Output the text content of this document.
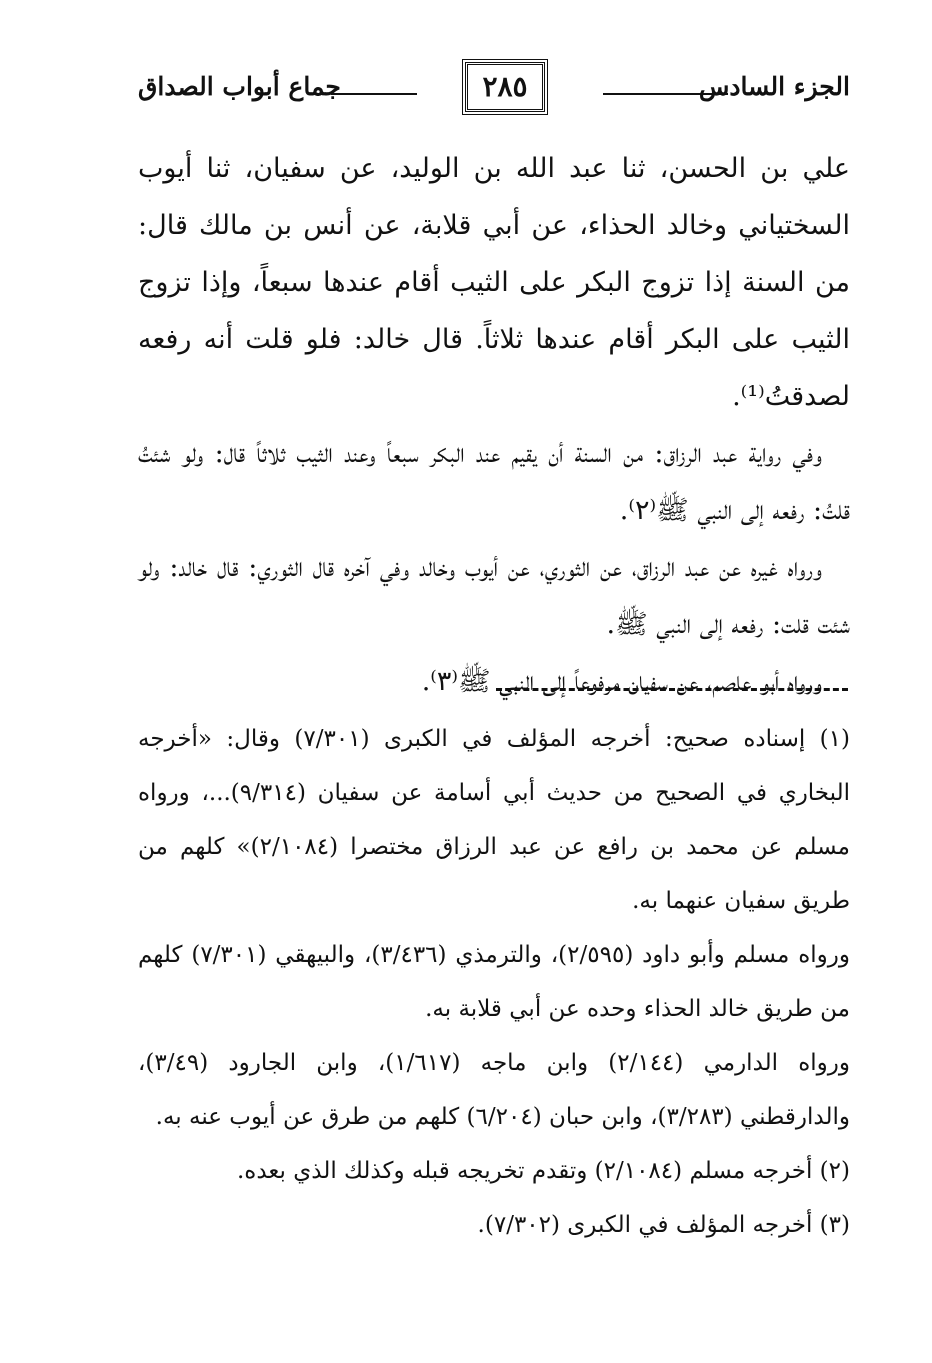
الجزء السادس
٢٨٥
جماع أبواب الصداق

علي بن الحسن، ثنا عبد الله بن الوليد، عن سفيان، ثنا أيوب السختياني وخالد الحذاء، عن أبي قلابة، عن أنس بن مالك قال: من السنة إذا تزوج البكر على الثيب أقام عندها سبعاً، وإذا تزوج الثيب على البكر أقام عندها ثلاثاً. قال خالد: فلو قلت أنه رفعه لصدقتُ⁽¹⁾.

وفي رواية عبد الرزاق: من السنة أن يقيم عند البكر سبعاً وعند الثيب ثلاثاً قال: ولو شئتُ قلتُ: رفعه إلى النبي ﷺ⁽٢⁾.

ورواه غيره عن عبد الرزاق، عن الثوري، عن أيوب وخالد وفي آخره قال الثوري: قال خالد: ولو شئت قلت: رفعه إلى النبي ﷺ.

ورواه أبو عاصم، عن سفيان مرفوعاً إلى النبي ﷺ⁽٣⁾.

(١) إسناده صحيح: أخرجه المؤلف في الكبرى (٧/٣٠١) وقال: «أخرجه البخاري في الصحيح من حديث أبي أسامة عن سفيان (٩/٣١٤)...، ورواه مسلم عن محمد بن رافع عن عبد الرزاق مختصرا (٢/١٠٨٤)» كلهم من طريق سفيان عنهما به.

ورواه مسلم وأبو داود (٢/٥٩٥)، والترمذي (٣/٤٣٦)، والبيهقي (٧/٣٠١) كلهم من طريق خالد الحذاء وحده عن أبي قلابة به.

ورواه الدارمي (٢/١٤٤) وابن ماجه (١/٦١٧)، وابن الجارود (٣/٤٩)، والدارقطني (٣/٢٨٣)، وابن حبان (٦/٢٠٤) كلهم من طرق عن أيوب عنه به.

(٢) أخرجه مسلم (٢/١٠٨٤) وتقدم تخريجه قبله وكذلك الذي بعده.

(٣) أخرجه المؤلف في الكبرى (٧/٣٠٢).
